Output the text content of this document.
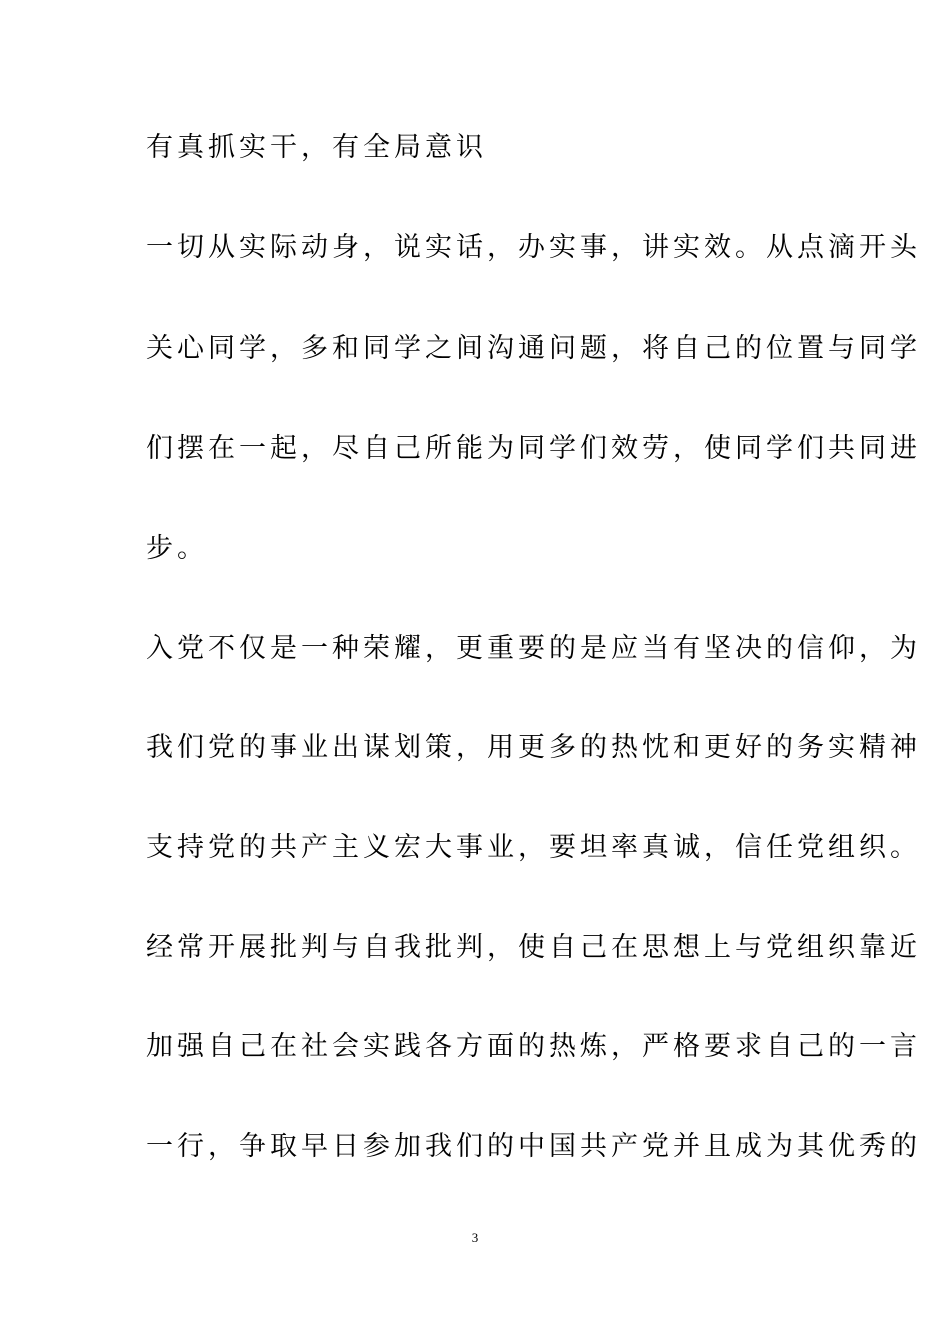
有真抓实干，有全局意识
一切从实际动身，说实话，办实事，讲实效。从点滴开头
关心同学，多和同学之间沟通问题，将自己的位置与同学
们摆在一起，尽自己所能为同学们效劳，使同学们共同进
步。
入党不仅是一种荣耀，更重要的是应当有坚决的信仰，为
我们党的事业出谋划策，用更多的热忱和更好的务实精神
支持党的共产主义宏大事业，要坦率真诚，信任党组织。
经常开展批判与自我批判，使自己在思想上与党组织靠近
加强自己在社会实践各方面的热炼，严格要求自己的一言
一行，争取早日参加我们的中国共产党并且成为其优秀的
3
